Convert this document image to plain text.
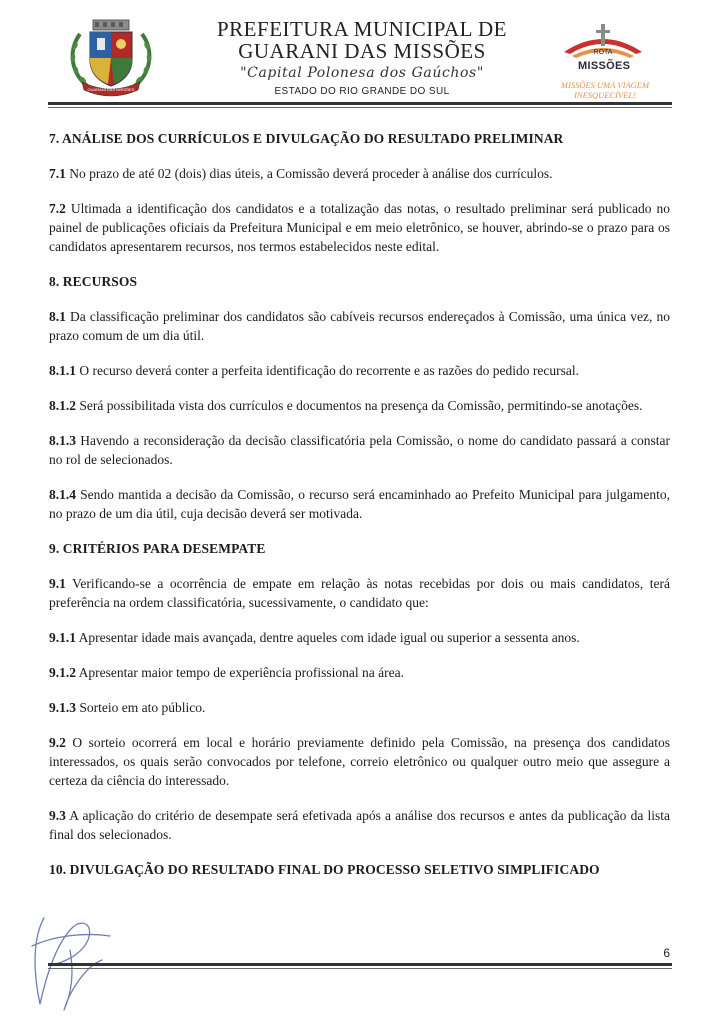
GUARANI DAS MISSÕES
PREFEITURA MUNICIPAL DE
GUARANI DAS MISSÕES
"Capital Polonesa dos Gaúchos"
ESTADO DO RIO GRANDE DO SUL
ROTA
MISSÕES
MISSÕES UMA VIAGEM
INESQUECÍVEL!

7. ANÁLISE DOS CURRÍCULOS E DIVULGAÇÃO DO RESULTADO PRELIMINAR

7.1 No prazo de até 02 (dois) dias úteis, a Comissão deverá proceder à análise dos currículos.

7.2 Ultimada a identificação dos candidatos e a totalização das notas, o resultado preliminar será publicado no painel de publicações oficiais da Prefeitura Municipal e em meio eletrônico, se houver, abrindo-se o prazo para os candidatos apresentarem recursos, nos termos estabelecidos neste edital.

8. RECURSOS

8.1 Da classificação preliminar dos candidatos são cabíveis recursos endereçados à Comissão, uma única vez, no prazo comum de um dia útil.

8.1.1 O recurso deverá conter a perfeita identificação do recorrente e as razões do pedido recursal.

8.1.2 Será possibilitada vista dos currículos e documentos na presença da Comissão, permitindo-se anotações.

8.1.3 Havendo a reconsideração da decisão classificatória pela Comissão, o nome do candidato passará a constar no rol de selecionados.

8.1.4 Sendo mantida a decisão da Comissão, o recurso será encaminhado ao Prefeito Municipal para julgamento, no prazo de um dia útil, cuja decisão deverá ser motivada.

9. CRITÉRIOS PARA DESEMPATE

9.1 Verificando-se a ocorrência de empate em relação às notas recebidas por dois ou mais candidatos, terá preferência na ordem classificatória, sucessivamente, o candidato que:

9.1.1 Apresentar idade mais avançada, dentre aqueles com idade igual ou superior a sessenta anos.

9.1.2 Apresentar maior tempo de experiência profissional na área.

9.1.3 Sorteio em ato público.

9.2 O sorteio ocorrerá em local e horário previamente definido pela Comissão, na presença dos candidatos interessados, os quais serão convocados por telefone, correio eletrônico ou qualquer outro meio que assegure a certeza da ciência do interessado.

9.3 A aplicação do critério de desempate será efetivada após a análise dos recursos e antes da publicação da lista final dos selecionados.

10. DIVULGAÇÃO DO RESULTADO FINAL DO PROCESSO SELETIVO SIMPLIFICADO

6
